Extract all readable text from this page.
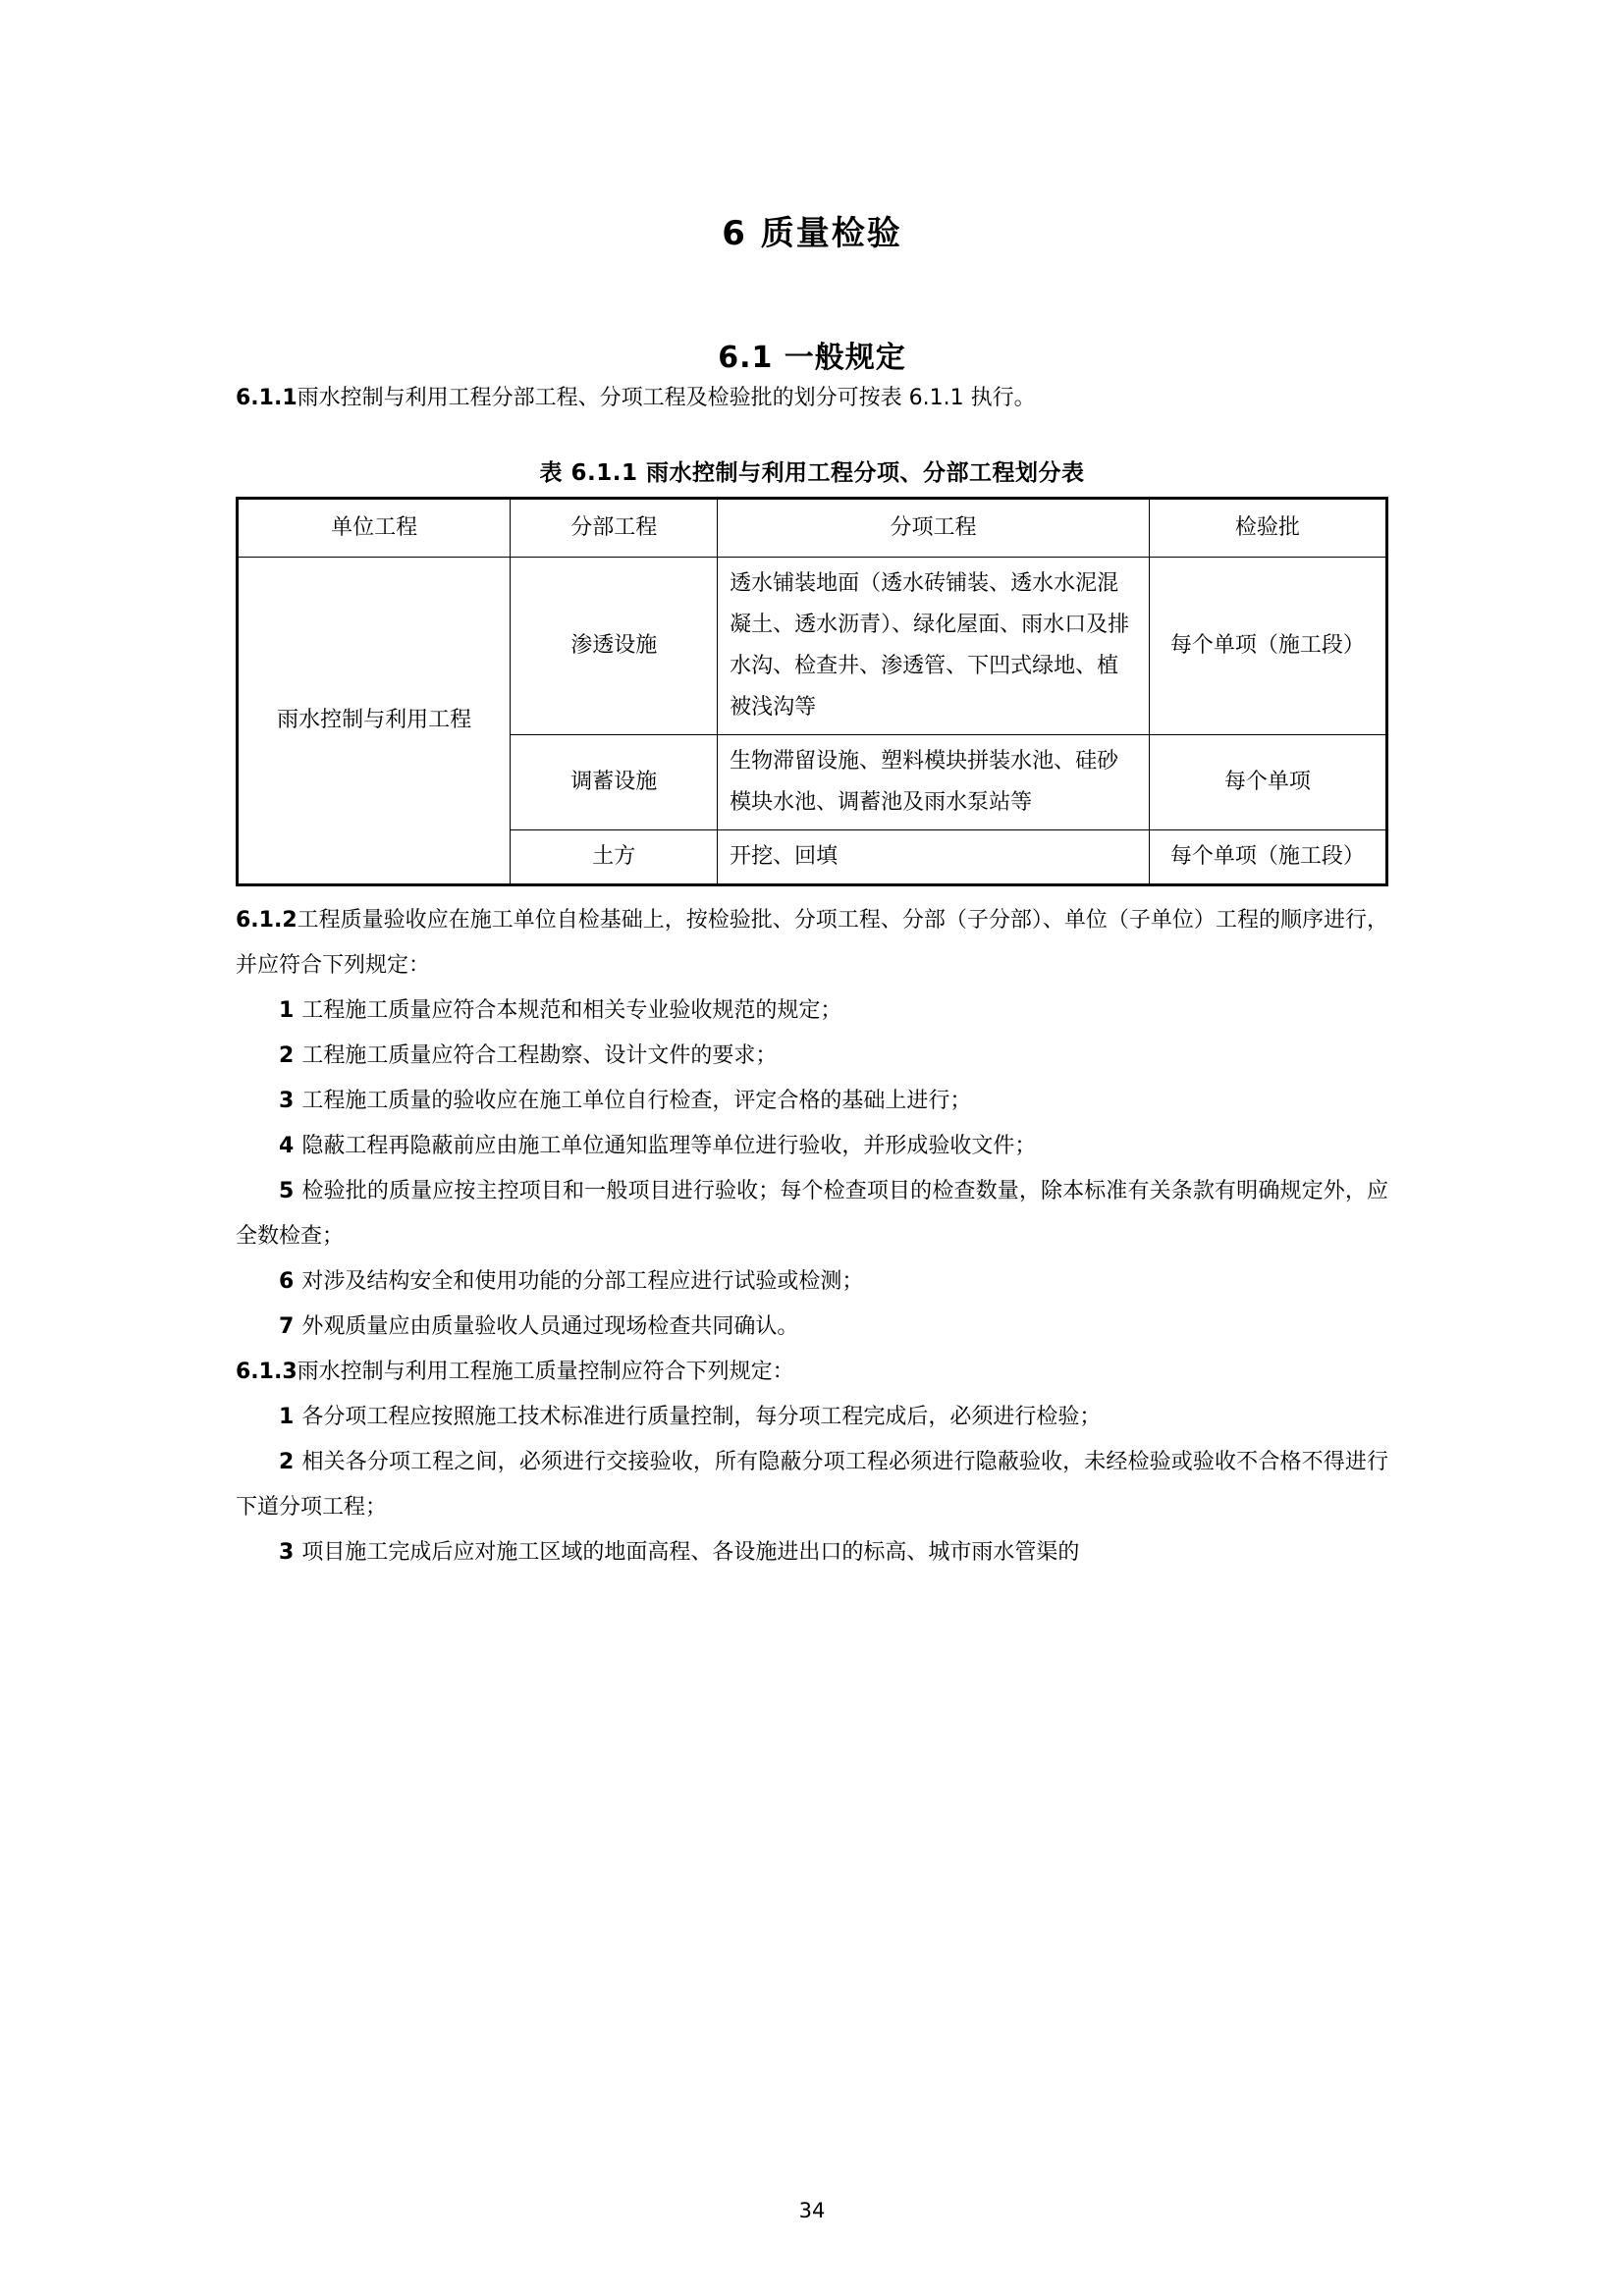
6 质量检验
6.1 一般规定

6.1.1雨水控制与利用工程分部工程、分项工程及检验批的划分可按表 6.1.1 执行。

表 6.1.1 雨水控制与利用工程分项、分部工程划分表
单位工程	分部工程	分项工程	检验批
雨水控制与利用工程	渗透设施	透水铺装地面（透水砖铺装、透水水泥混凝土、透水沥青）、绿化屋面、雨水口及排水沟、检查井、渗透管、下凹式绿地、植被浅沟等	每个单项（施工段）
	调蓄设施	生物滞留设施、塑料模块拼装水池、硅砂模块水池、调蓄池及雨水泵站等	每个单项
	土方	开挖、回填	每个单项（施工段）

6.1.2工程质量验收应在施工单位自检基础上，按检验批、分项工程、分部（子分部）、单位（子单位）工程的顺序进行，并应符合下列规定：

1 工程施工质量应符合本规范和相关专业验收规范的规定；

2 工程施工质量应符合工程勘察、设计文件的要求；

3 工程施工质量的验收应在施工单位自行检查，评定合格的基础上进行；

4 隐蔽工程再隐蔽前应由施工单位通知监理等单位进行验收，并形成验收文件；

5 检验批的质量应按主控项目和一般项目进行验收；每个检查项目的检查数量，除本标准有关条款有明确规定外，应全数检查；

6 对涉及结构安全和使用功能的分部工程应进行试验或检测；

7 外观质量应由质量验收人员通过现场检查共同确认。

6.1.3雨水控制与利用工程施工质量控制应符合下列规定：

1 各分项工程应按照施工技术标准进行质量控制，每分项工程完成后，必须进行检验；

2 相关各分项工程之间，必须进行交接验收，所有隐蔽分项工程必须进行隐蔽验收，未经检验或验收不合格不得进行下道分项工程；

3 项目施工完成后应对施工区域的地面高程、各设施进出口的标高、城市雨水管渠的

34
